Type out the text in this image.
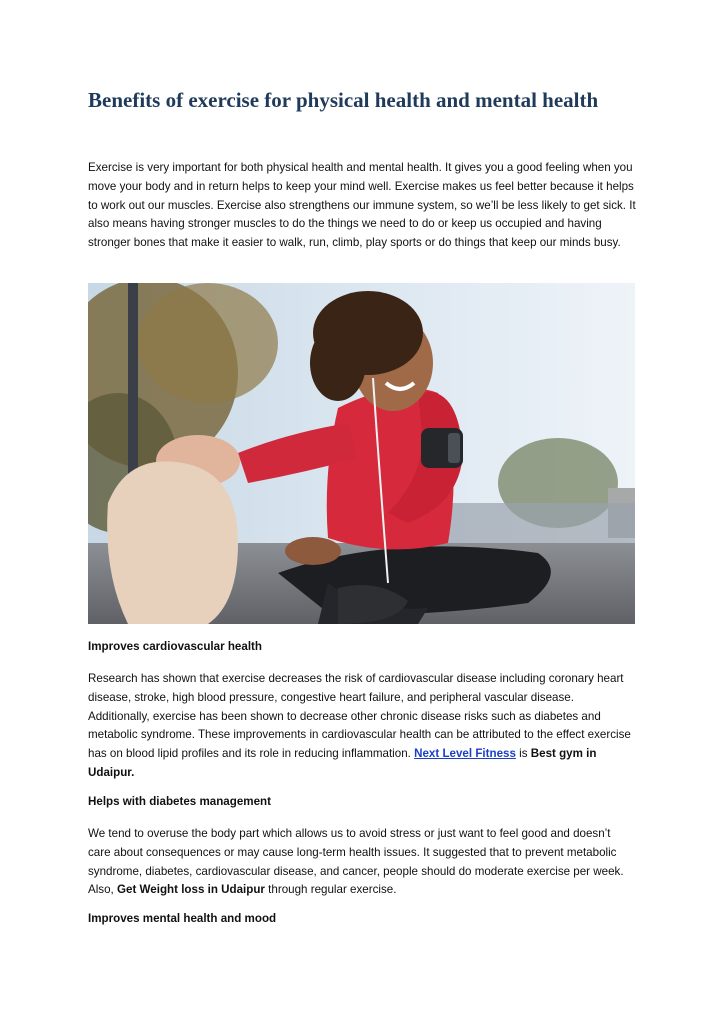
Benefits of exercise for physical health and mental health

Exercise is very important for both physical health and mental health. It gives you a good feeling when you move your body and in return helps to keep your mind well. Exercise makes us feel better because it helps to work out our muscles. Exercise also strengthens our immune system, so we’ll be less likely to get sick. It also means having stronger muscles to do the things we need to do or keep us occupied and having stronger bones that make it easier to walk, run, climb, play sports or do things that keep our minds busy.

Improves cardiovascular health

Research has shown that exercise decreases the risk of cardiovascular disease including coronary heart disease, stroke, high blood pressure, congestive heart failure, and peripheral vascular disease. Additionally, exercise has been shown to decrease other chronic disease risks such as diabetes and metabolic syndrome. These improvements in cardiovascular health can be attributed to the effect exercise has on blood lipid profiles and its role in reducing inflammation. Next Level Fitness is Best gym in Udaipur.

Helps with diabetes management

We tend to overuse the body part which allows us to avoid stress or just want to feel good and doesn’t care about consequences or may cause long-term health issues. It suggested that to prevent metabolic syndrome, diabetes, cardiovascular disease, and cancer, people should do moderate exercise per week. Also, Get Weight loss in Udaipur through regular exercise.

Improves mental health and mood
